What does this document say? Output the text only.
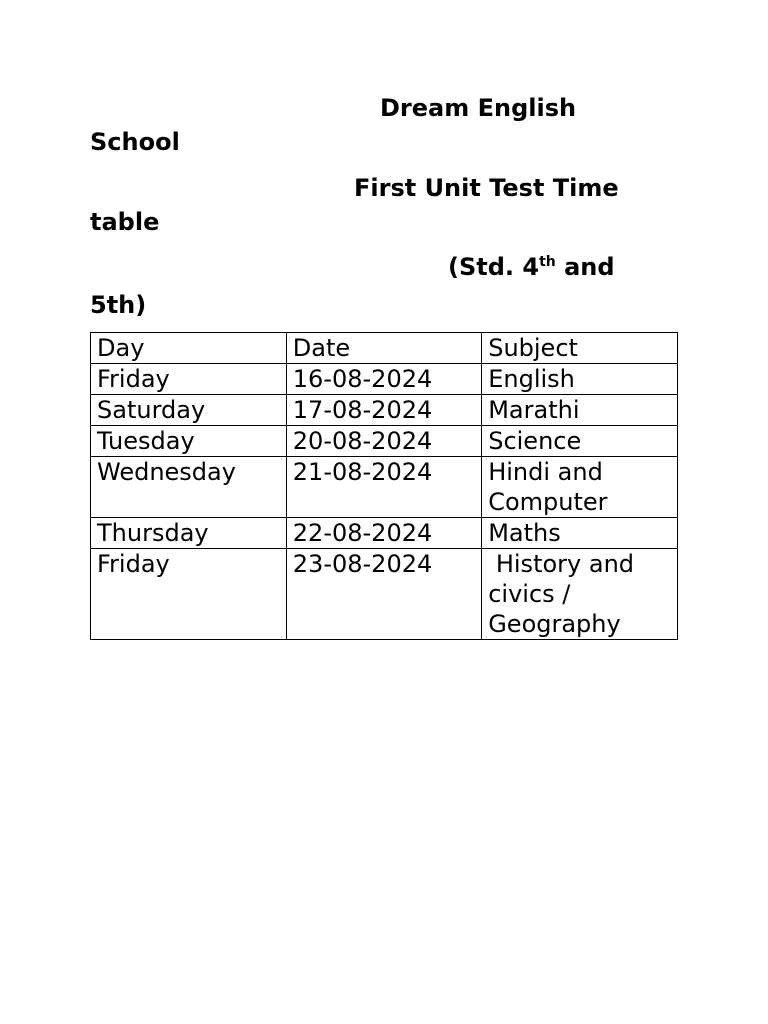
Dream English
School

First Unit Test Time
table

(Std. 4th and
5th)

Day	Date	Subject
Friday	16-08-2024	English
Saturday	17-08-2024	Marathi
Tuesday	20-08-2024	Science
Wednesday	21-08-2024	Hindi and Computer
Thursday	22-08-2024	Maths
Friday	23-08-2024	History and civics / Geography
